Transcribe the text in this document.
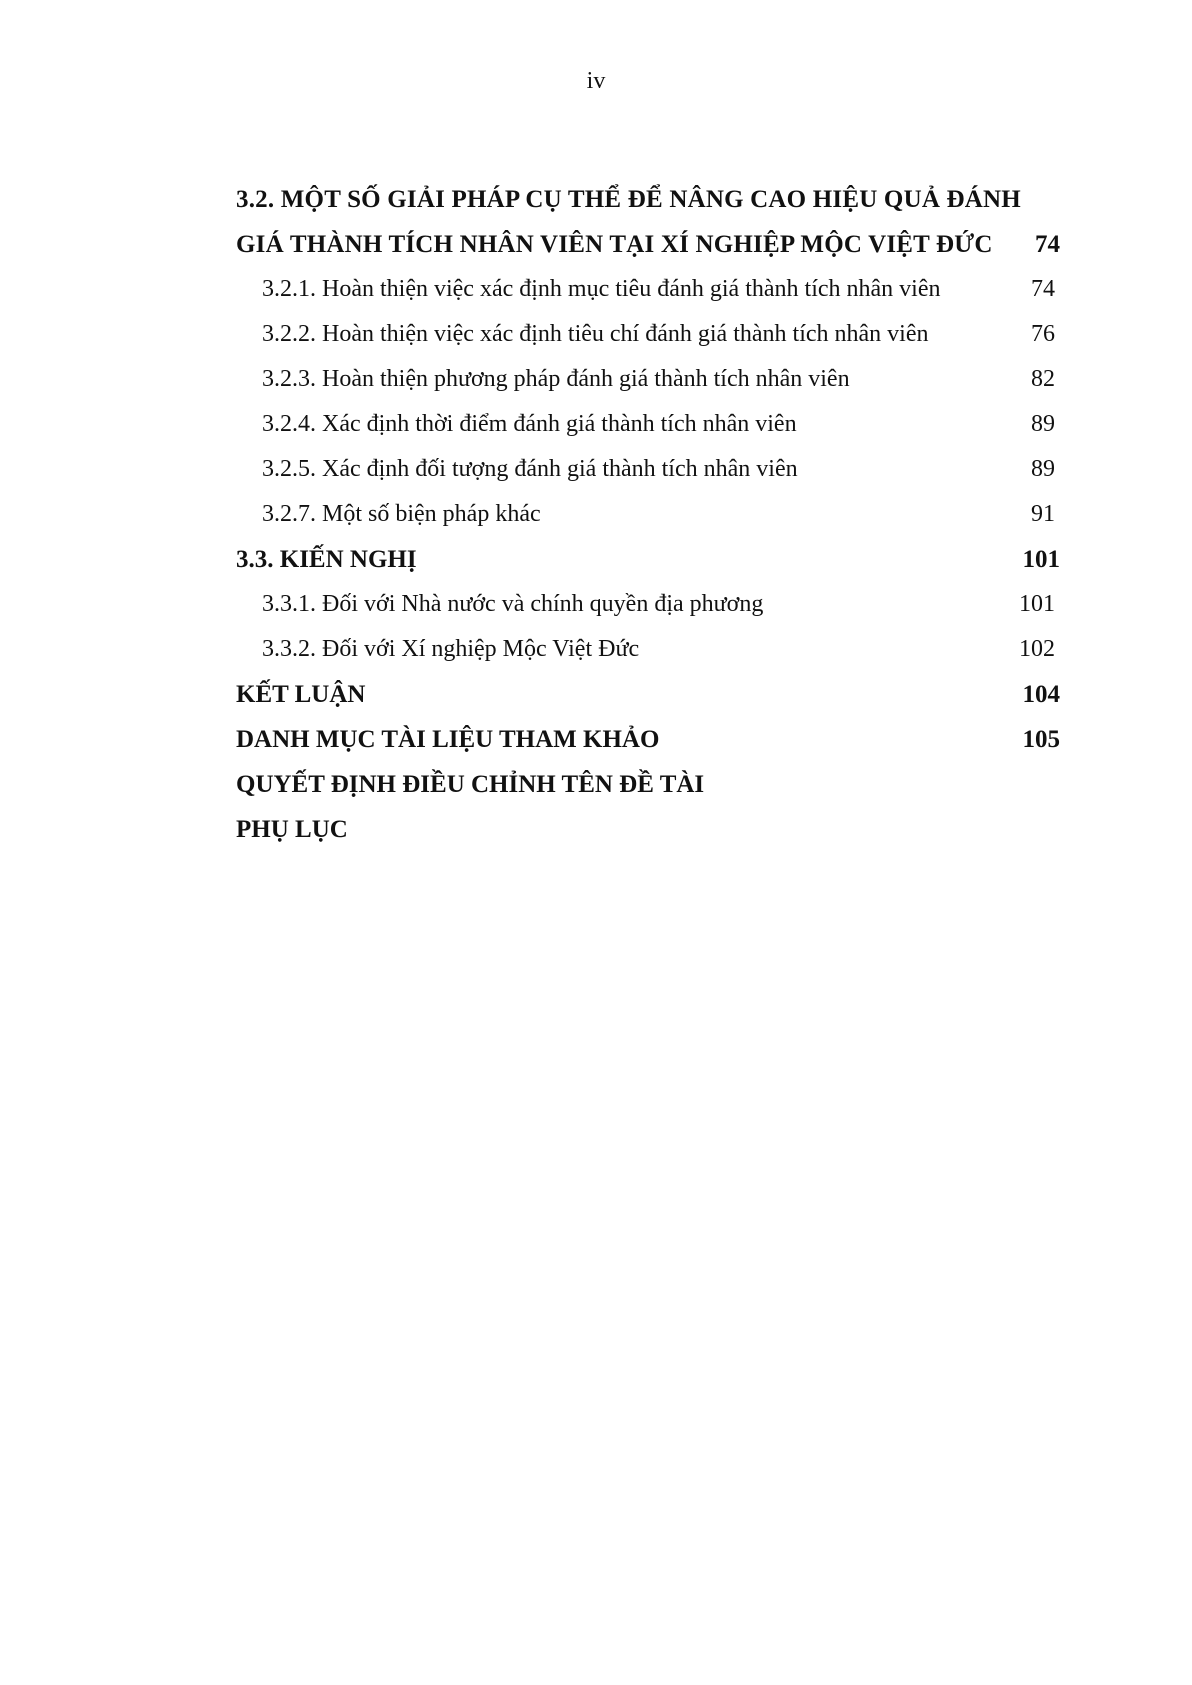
iv
3.2. MỘT SỐ GIẢI PHÁP CỤ THỂ ĐỂ NÂNG CAO HIỆU QUẢ ĐÁNH
GIÁ THÀNH TÍCH NHÂN VIÊN TẠI XÍ NGHIỆP MỘC VIỆT ĐỨC	74
3.2.1. Hoàn thiện việc xác định mục tiêu đánh giá thành tích nhân viên	74
3.2.2. Hoàn thiện việc xác định tiêu chí đánh giá thành tích nhân viên	76
3.2.3. Hoàn thiện phương pháp đánh giá thành tích nhân viên	82
3.2.4. Xác định thời điểm đánh giá thành tích nhân viên	89
3.2.5. Xác định đối tượng đánh giá thành tích nhân viên	89
3.2.7. Một số biện pháp khác	91
3.3. KIẾN NGHỊ	101
3.3.1. Đối với Nhà nước và chính quyền địa phương	101
3.3.2. Đối với Xí nghiệp Mộc Việt Đức	102
KẾT LUẬN	104
DANH MỤC TÀI LIỆU THAM KHẢO	105
QUYẾT ĐỊNH ĐIỀU CHỈNH TÊN ĐỀ TÀI
PHỤ LỤC
